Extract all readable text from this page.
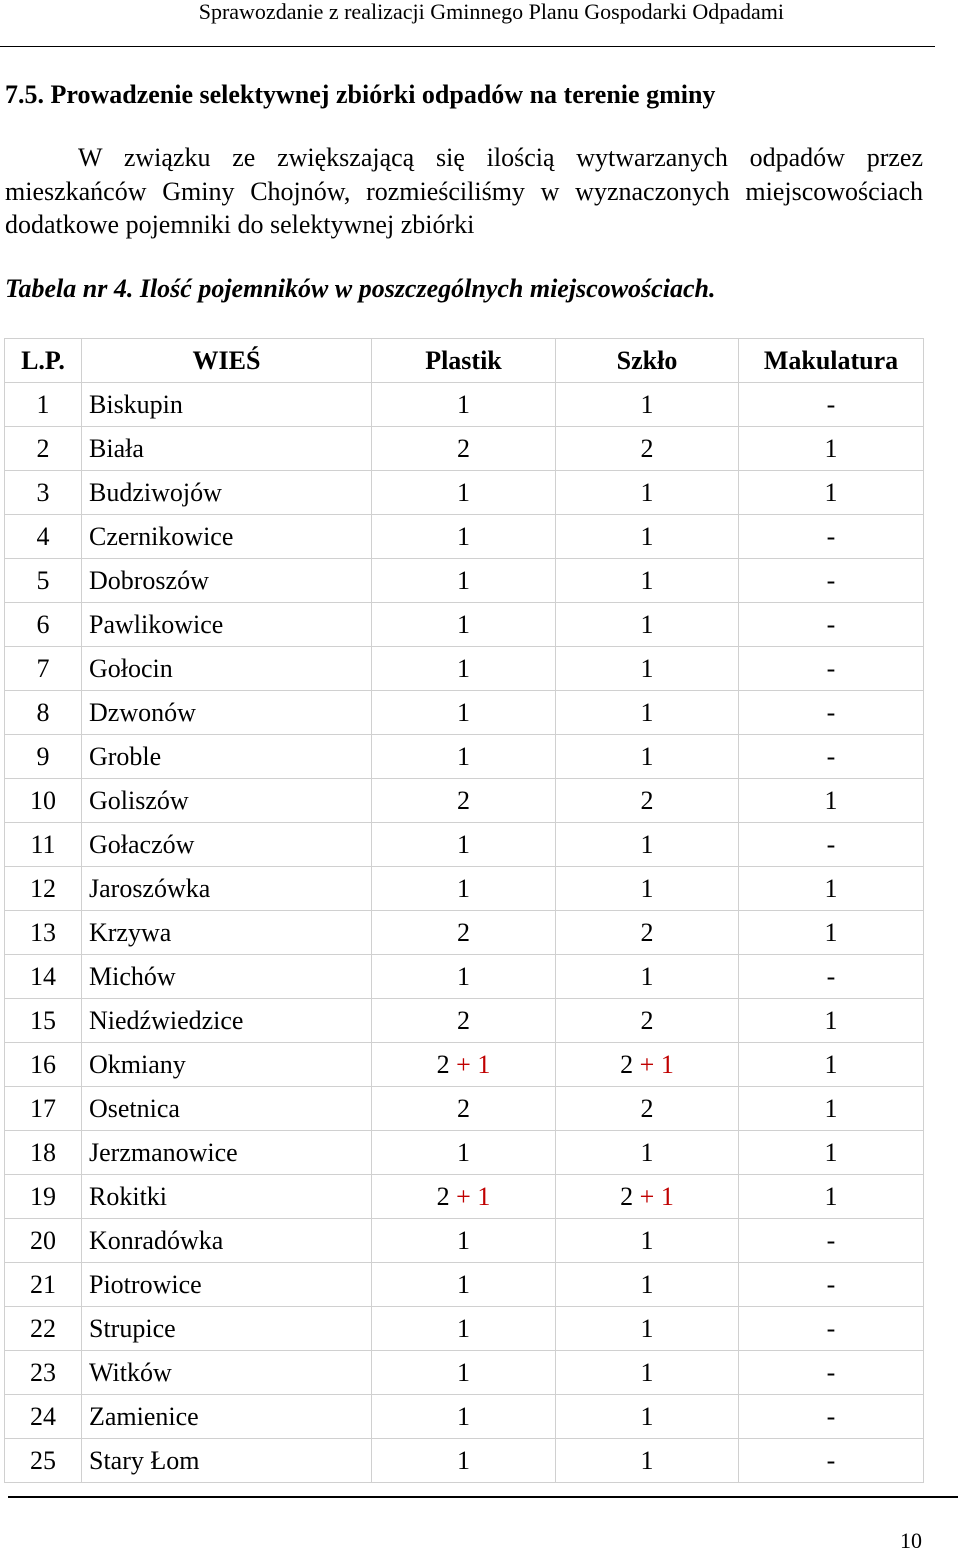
Sprawozdanie z realizacji Gminnego Planu Gospodarki Odpadami
7.5. Prowadzenie selektywnej zbiórki odpadów na terenie gminy
W związku ze zwiększającą się ilością wytwarzanych odpadów przez mieszkańców Gminy Chojnów, rozmieściliśmy w wyznaczonych miejscowościach dodatkowe pojemniki do selektywnej zbiórki
Tabela nr 4. Ilość pojemników w poszczególnych miejscowościach.
L.P.	WIEŚ	Plastik	Szkło	Makulatura
1	Biskupin	1	1	-
2	Biała	2	2	1
3	Budziwojów	1	1	1
4	Czernikowice	1	1	-
5	Dobroszów	1	1	-
6	Pawlikowice	1	1	-
7	Gołocin	1	1	-
8	Dzwonów	1	1	-
9	Groble	1	1	-
10	Goliszów	2	2	1
11	Gołaczów	1	1	-
12	Jaroszówka	1	1	1
13	Krzywa	2	2	1
14	Michów	1	1	-
15	Niedźwiedzice	2	2	1
16	Okmiany	2 + 1	2 + 1	1
17	Osetnica	2	2	1
18	Jerzmanowice	1	1	1
19	Rokitki	2 + 1	2 + 1	1
20	Konradówka	1	1	-
21	Piotrowice	1	1	-
22	Strupice	1	1	-
23	Witków	1	1	-
24	Zamienice	1	1	-
25	Stary Łom	1	1	-
10
